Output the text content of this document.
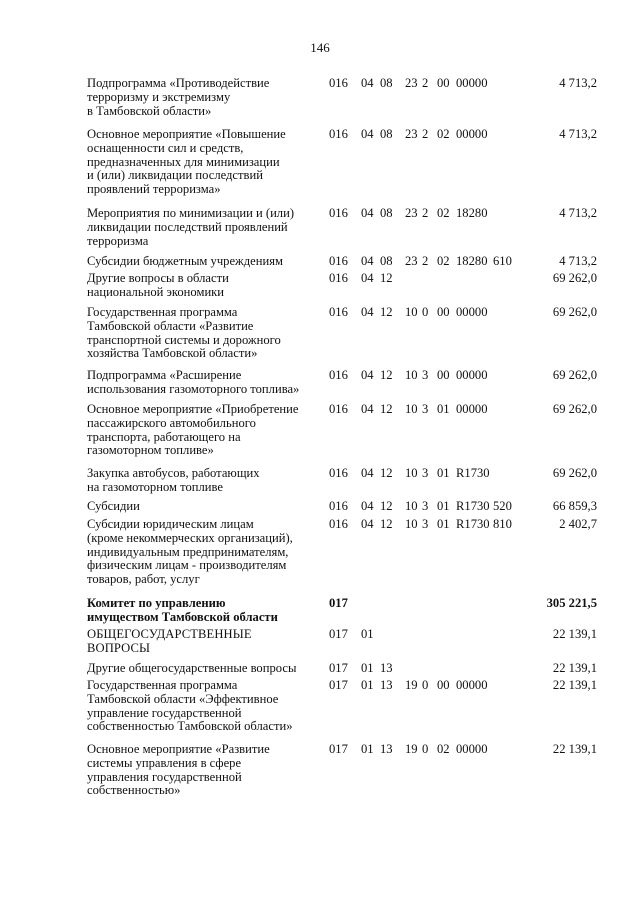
146
Подпрограмма «Противодействие
терроризму и экстремизму
в Тамбовской области»
016 04 08 23 2 00 00000	4 713,2
Основное мероприятие «Повышение
оснащенности сил и средств,
предназначенных для минимизации
и (или) ликвидации последствий
проявлений терроризма»
016 04 08 23 2 02 00000	4 713,2
Мероприятия по минимизации и (или)
ликвидации последствий проявлений
терроризма
016 04 08 23 2 02 18280	4 713,2
Субсидии бюджетным учреждениям	016 04 08 23 2 02 18280 610	4 713,2
Другие вопросы в области
национальной экономики
016 04 12	69 262,0
Государственная программа
Тамбовской области «Развитие
транспортной системы и дорожного
хозяйства Тамбовской области»
016 04 12 10 0 00 00000	69 262,0
Подпрограмма «Расширение
использования газомоторного топлива»
016 04 12 10 3 00 00000	69 262,0
Основное мероприятие «Приобретение
пассажирского автомобильного
транспорта, работающего на
газомоторном топливе»
016 04 12 10 3 01 00000	69 262,0
Закупка автобусов, работающих
на газомоторном топливе
016 04 12 10 3 01 R1730	69 262,0
Субсидии	016 04 12 10 3 01 R1730 520	66 859,3
Субсидии юридическим лицам
(кроме некоммерческих организаций),
индивидуальным предпринимателям,
физическим лицам - производителям
товаров, работ, услуг
016 04 12 10 3 01 R1730 810	2 402,7
Комитет по управлению
имуществом Тамбовской области
017	305 221,5
ОБЩЕГОСУДАРСТВЕННЫЕ
ВОПРОСЫ
017 01	22 139,1
Другие общегосударственные вопросы	017 01 13	22 139,1
Государственная программа
Тамбовской области «Эффективное
управление государственной
собственностью Тамбовской области»
017 01 13 19 0 00 00000	22 139,1
Основное мероприятие «Развитие
системы управления в сфере
управления государственной
собственностью»
017 01 13 19 0 02 00000	22 139,1
